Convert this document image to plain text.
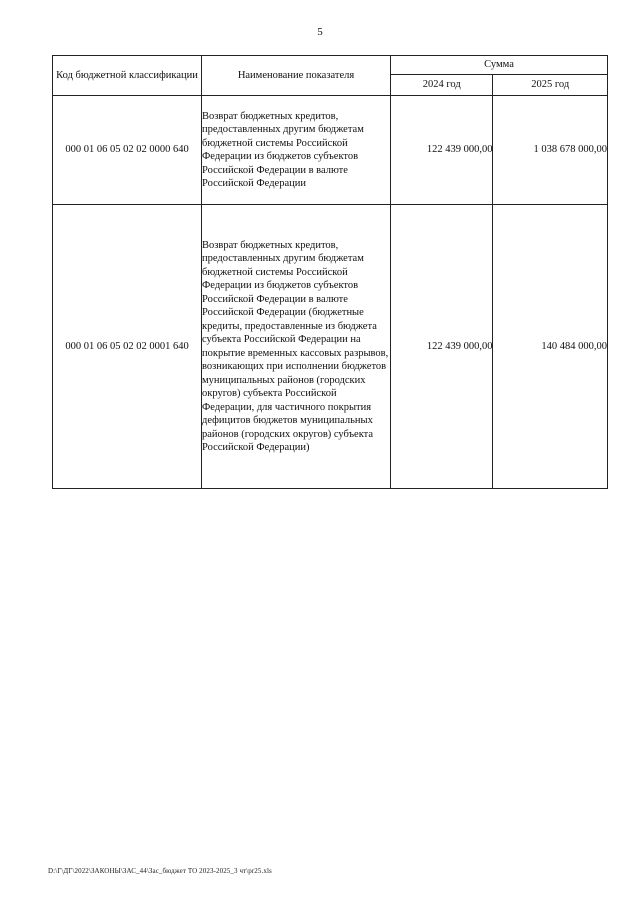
5
Код бюджетной классификации	Наименование показателя	Сумма	
		2024 год	2025 год
000 01 06 05 02 02 0000 640	Возврат бюджетных кредитов, предоставленных другим бюджетам бюджетной системы Российской Федерации из бюджетов субъектов Российской Федерации в валюте Российской Федерации	122 439 000,00	1 038 678 000,00
000 01 06 05 02 02 0001 640	Возврат бюджетных кредитов, предоставленных другим бюджетам бюджетной системы Российской Федерации из бюджетов субъектов Российской Федерации в валюте Российской Федерации (бюджетные кредиты, предоставленные из бюджета субъекта Российской Федерации на покрытие временных кассовых разрывов, возникающих при исполнении бюджетов муниципальных районов (городских округов) субъекта Российской Федерации, для частичного покрытия дефицитов бюджетов муниципальных районов (городских округов) субъекта Российской Федерации)	122 439 000,00	140 484 000,00
D:\Г\ДГ\2022\ЗАКОНЫ\ЗАС_44\Зас_бюджет ТО 2023-2025_3 чт\pr25.xls
